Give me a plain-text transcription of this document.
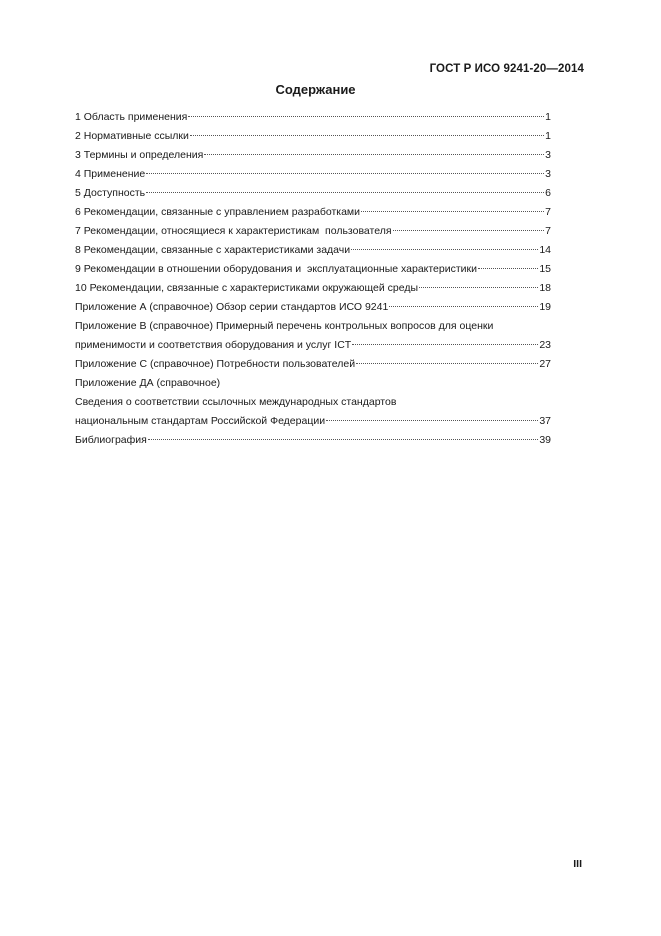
ГОСТ Р ИСО 9241-20—2014
Содержание
1 Область применения	1
2 Нормативные ссылки	1
3 Термины и определения	3
4 Применение	3
5 Доступность	6
6 Рекомендации, связанные с управлением разработками	7
7 Рекомендации, относящиеся к характеристикам  пользователя	7
8 Рекомендации, связанные с характеристиками задачи	14
9 Рекомендации в отношении оборудования и  эксплуатационные характеристики	15
10 Рекомендации, связанные с характеристиками окружающей среды	18
Приложение А (справочное) Обзор серии стандартов ИСО 9241	19
Приложение В (справочное) Примерный перечень контрольных вопросов для оценки
применимости и соответствия оборудования и услуг ICT	23
Приложение С (справочное) Потребности пользователей	27
Приложение ДА (справочное)
Сведения о соответствии ссылочных международных стандартов
национальным стандартам Российской Федерации	37
Библиография	39
III
